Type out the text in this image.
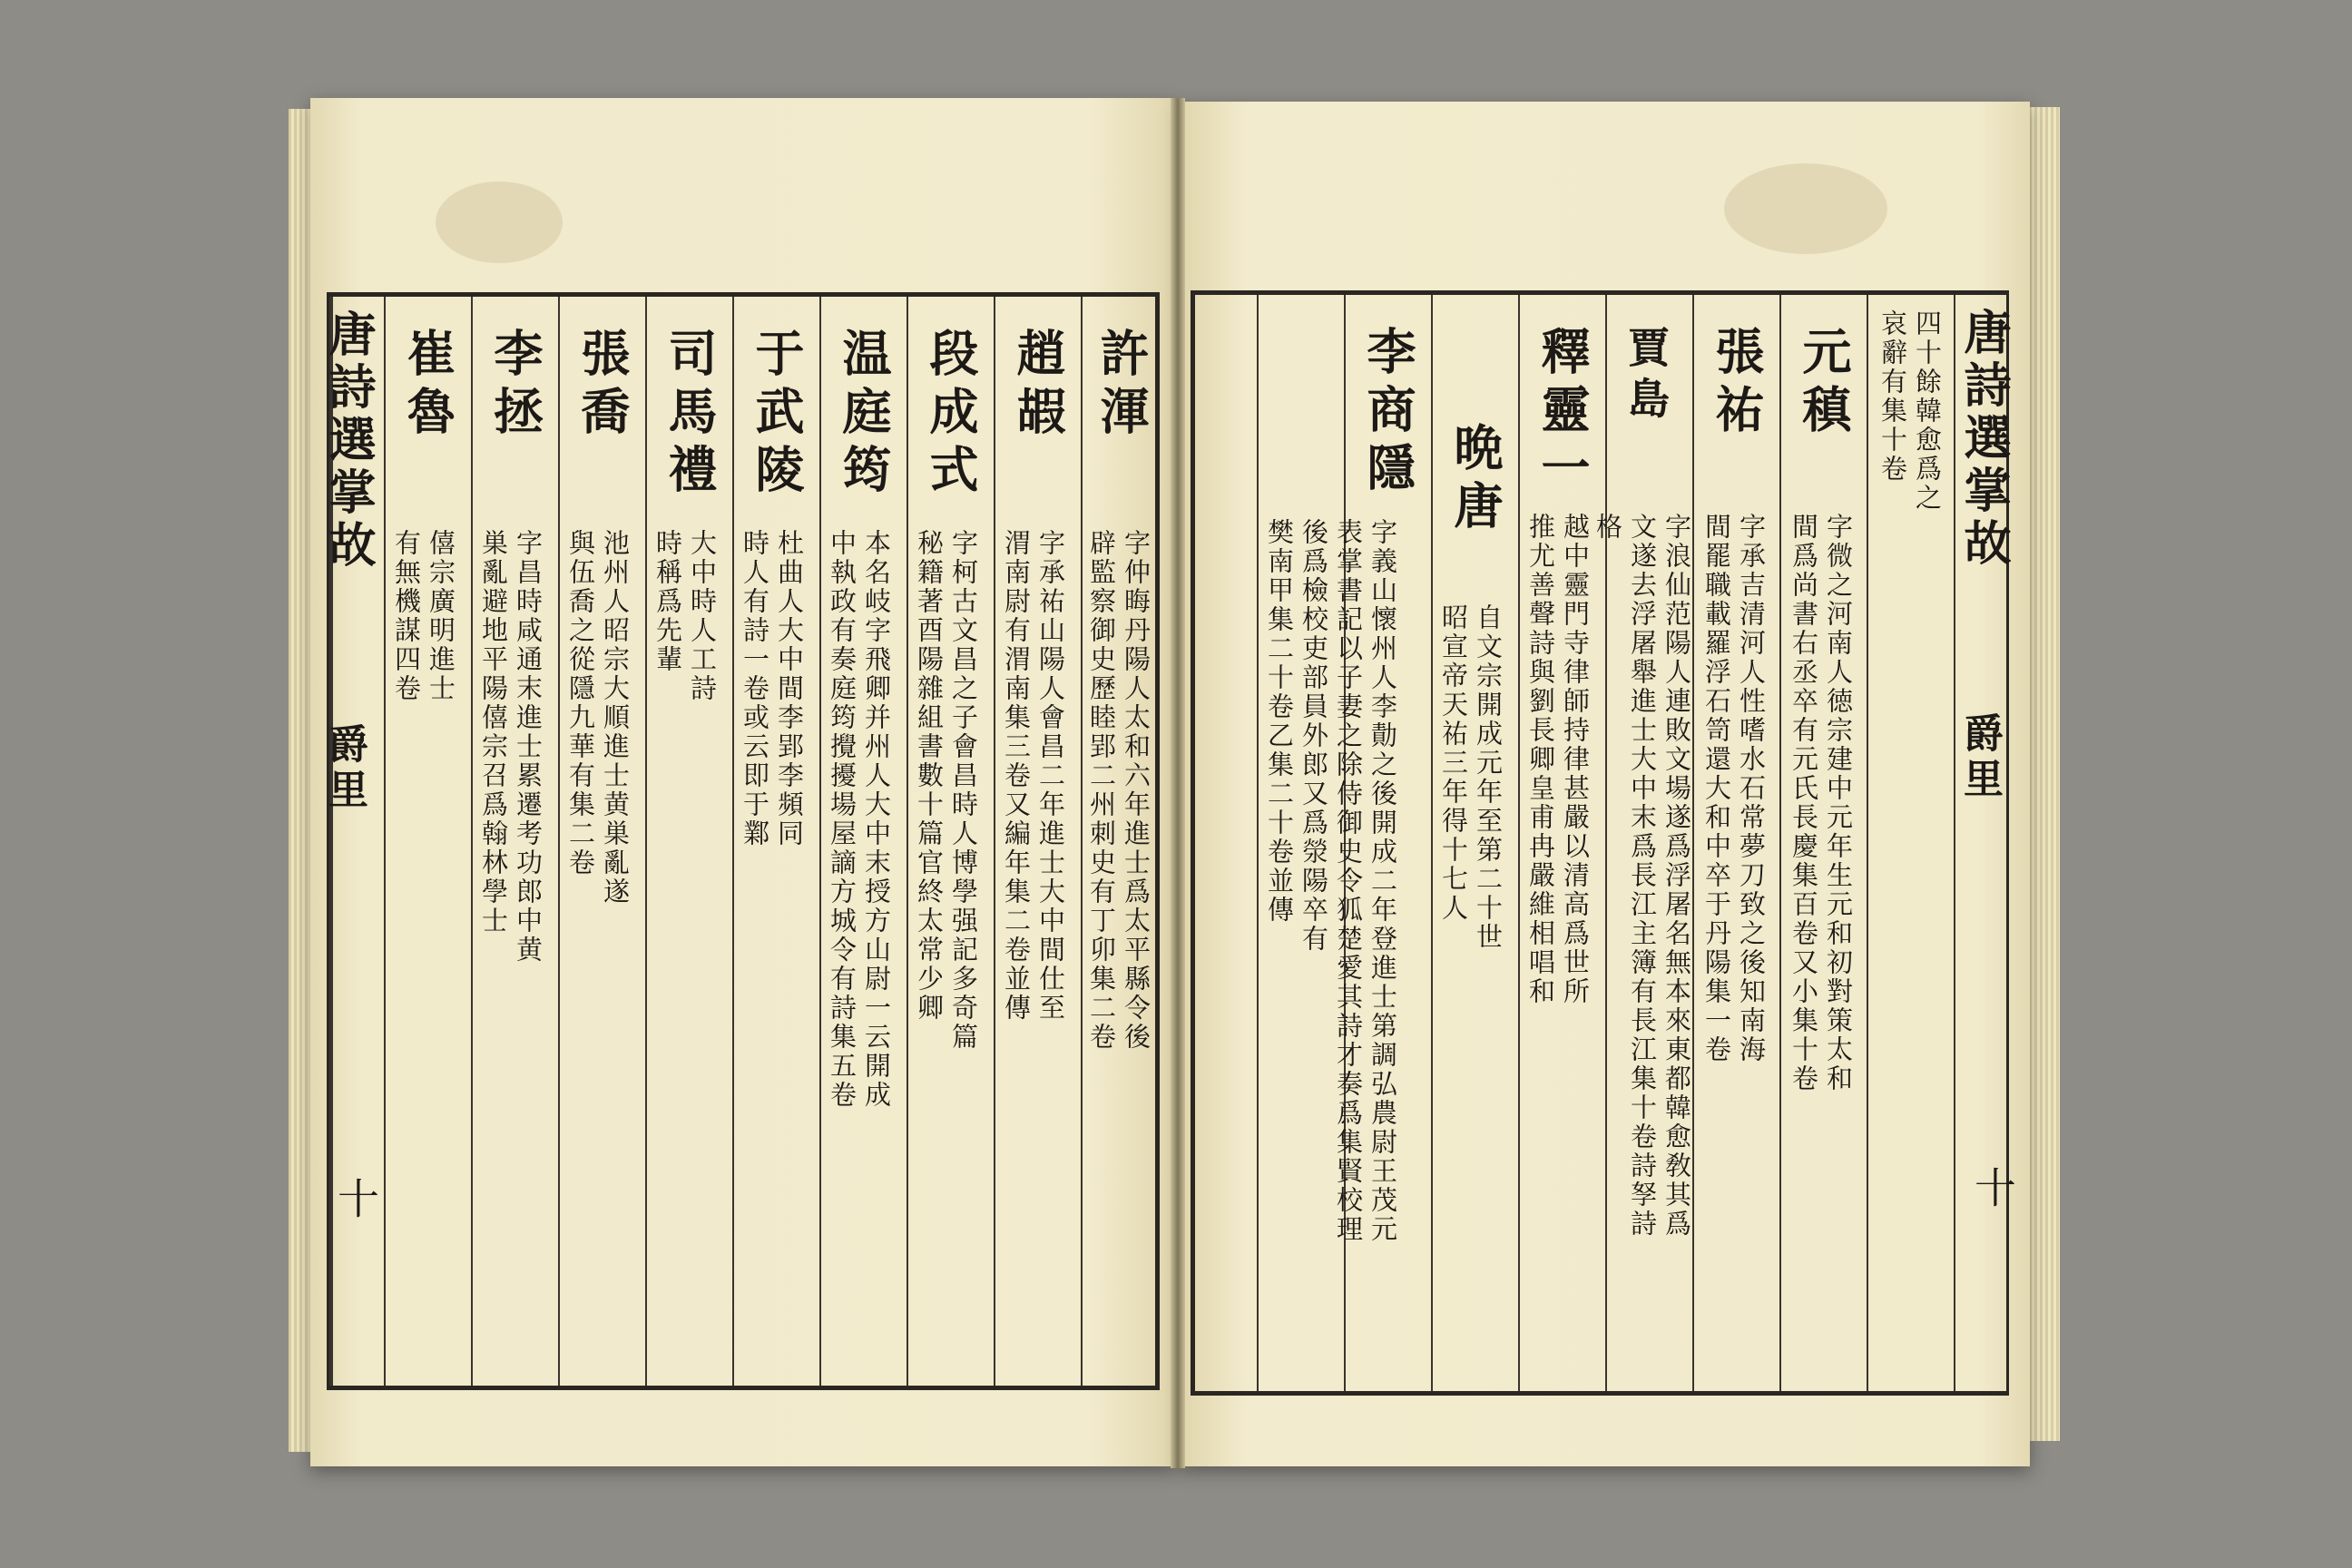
唐詩選掌故
爵里
十
許渾
字仲晦丹陽人太和六年進士爲太平縣令後
辟監察御史歷睦郢二州刺史有丁卯集二卷
趙嘏
字承祐山陽人會昌二年進士大中間仕至
渭南尉有渭南集三卷又編年集二卷並傳
段成式
字柯古文昌之子會昌時人博學强記多奇篇
秘籍著酉陽雜組書數十篇官終太常少卿
温庭筠
本名岐字飛卿并州人大中末授方山尉一云開成
中執政有奏庭筠攪擾場屋謫方城令有詩集五卷
于武陵
杜曲人大中間李郢李頻同
時人有詩一卷或云即于鄴
司馬禮
大中時人工詩
時稱爲先輩
張喬
池州人昭宗大順進士黄巣亂遂
與伍喬之從隱九華有集二卷
李拯
字昌時咸通末進士累遷考功郎中黄
巣亂避地平陽僖宗召爲翰林學士
崔魯
僖宗廣明進士
有無機謀四卷
唐詩選掌故
爵里
十
四十餘韓愈爲之
哀辭有集十卷
元稹
字微之河南人徳宗建中元年生元和初對策太和
間爲尚書右丞卒有元氏長慶集百卷又小集十卷
張祐
字承吉清河人性嗜水石常夢刀致之後知南海
間罷職載羅浮石笥還大和中卒于丹陽集一卷
賈島
字浪仙范陽人連敗文場遂爲浮屠名無本來東都韓愈敎其爲
文遂去浮屠舉進士大中末爲長江主簿有長江集十卷詩孥詩
格
釋靈一
越中靈門寺律師持律甚嚴以清高爲世所
推尤善聲詩與劉長卿皇甫冉嚴維相唱和
晩唐
自文宗開成元年至第二十世
昭宣帝天祐三年得十七人
李商隱
字義山懷州人李勣之後開成二年登進士第調弘農尉王茂元
表掌書記以子妻之除侍御史令狐楚愛其詩才奏爲集賢校理
後爲檢校吏部員外郎又爲滎陽卒有
樊南甲集二十卷乙集二十卷並傳
